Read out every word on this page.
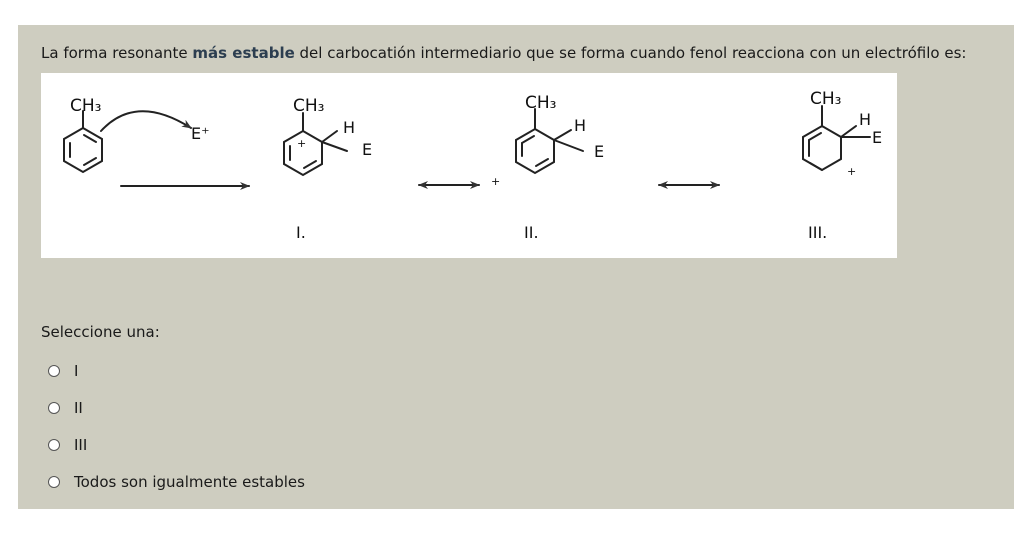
La forma resonante más estable del carbocatión intermediario que se forma cuando fenol reacciona con un electrófilo es:
CH₃
E⁺
CH₃
+
H
E
I.
CH₃
+
H
E
II.
CH₃
+
H
E
III.
Seleccione una:
I
II
III
Todos son igualmente estables
